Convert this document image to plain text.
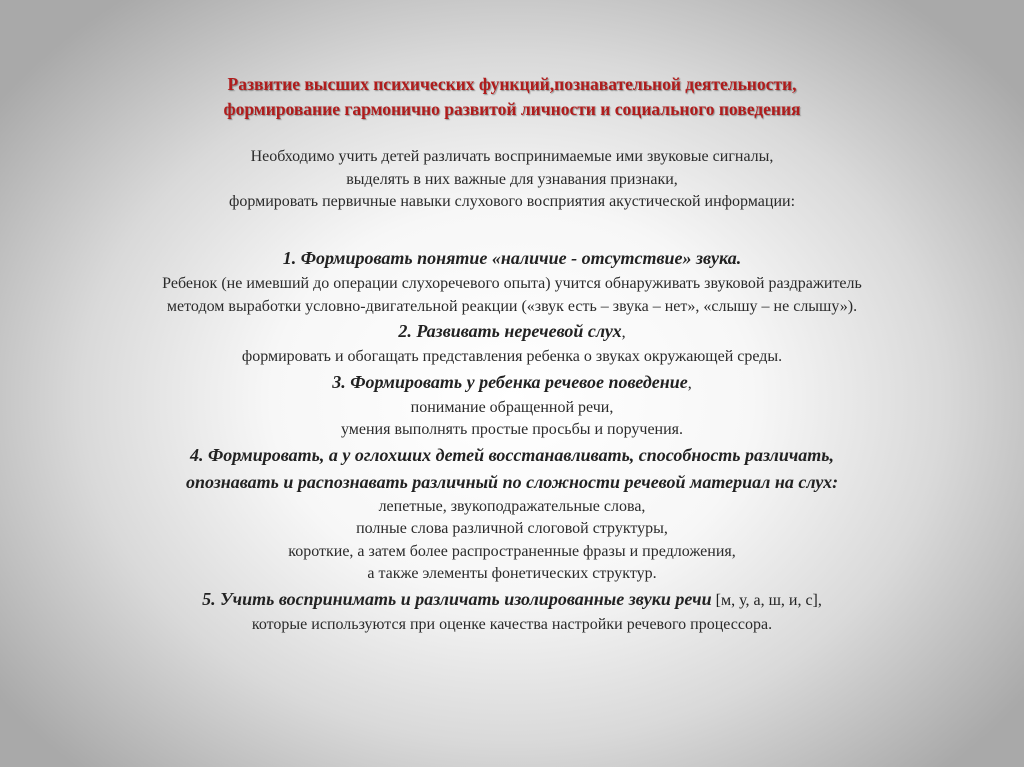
Развитие высших психических функций,познавательной деятельности,
формирование гармонично развитой личности и социального поведения
Необходимо учить детей различать воспринимаемые ими звуковые сигналы,
выделять в них важные для узнавания признаки,
формировать первичные навыки слухового восприятия акустической информации:
1. Формировать понятие «наличие - отсутствие» звука.
Ребенок (не имевший до операции слухоречевого опыта) учится обнаруживать звуковой раздражитель
методом выработки условно-двигательной реакции («звук есть – звука – нет», «слышу – не слышу»).
2. Развивать неречевой слух,
формировать и обогащать представления ребенка о звуках окружающей среды.
3. Формировать у ребенка речевое поведение,
понимание обращенной речи,
умения выполнять простые просьбы и поручения.
4. Формировать, а у оглохших детей восстанавливать, способность различать,
опознавать и распознавать различный по сложности речевой материал на слух:
лепетные, звукоподражательные слова,
полные слова различной слоговой структуры,
короткие, а затем более распространенные фразы и предложения,
а также элементы фонетических структур.
5. Учить воспринимать и различать изолированные звуки речи [м, у, а, ш, и, с],
которые используются при оценке качества настройки речевого процессора.
